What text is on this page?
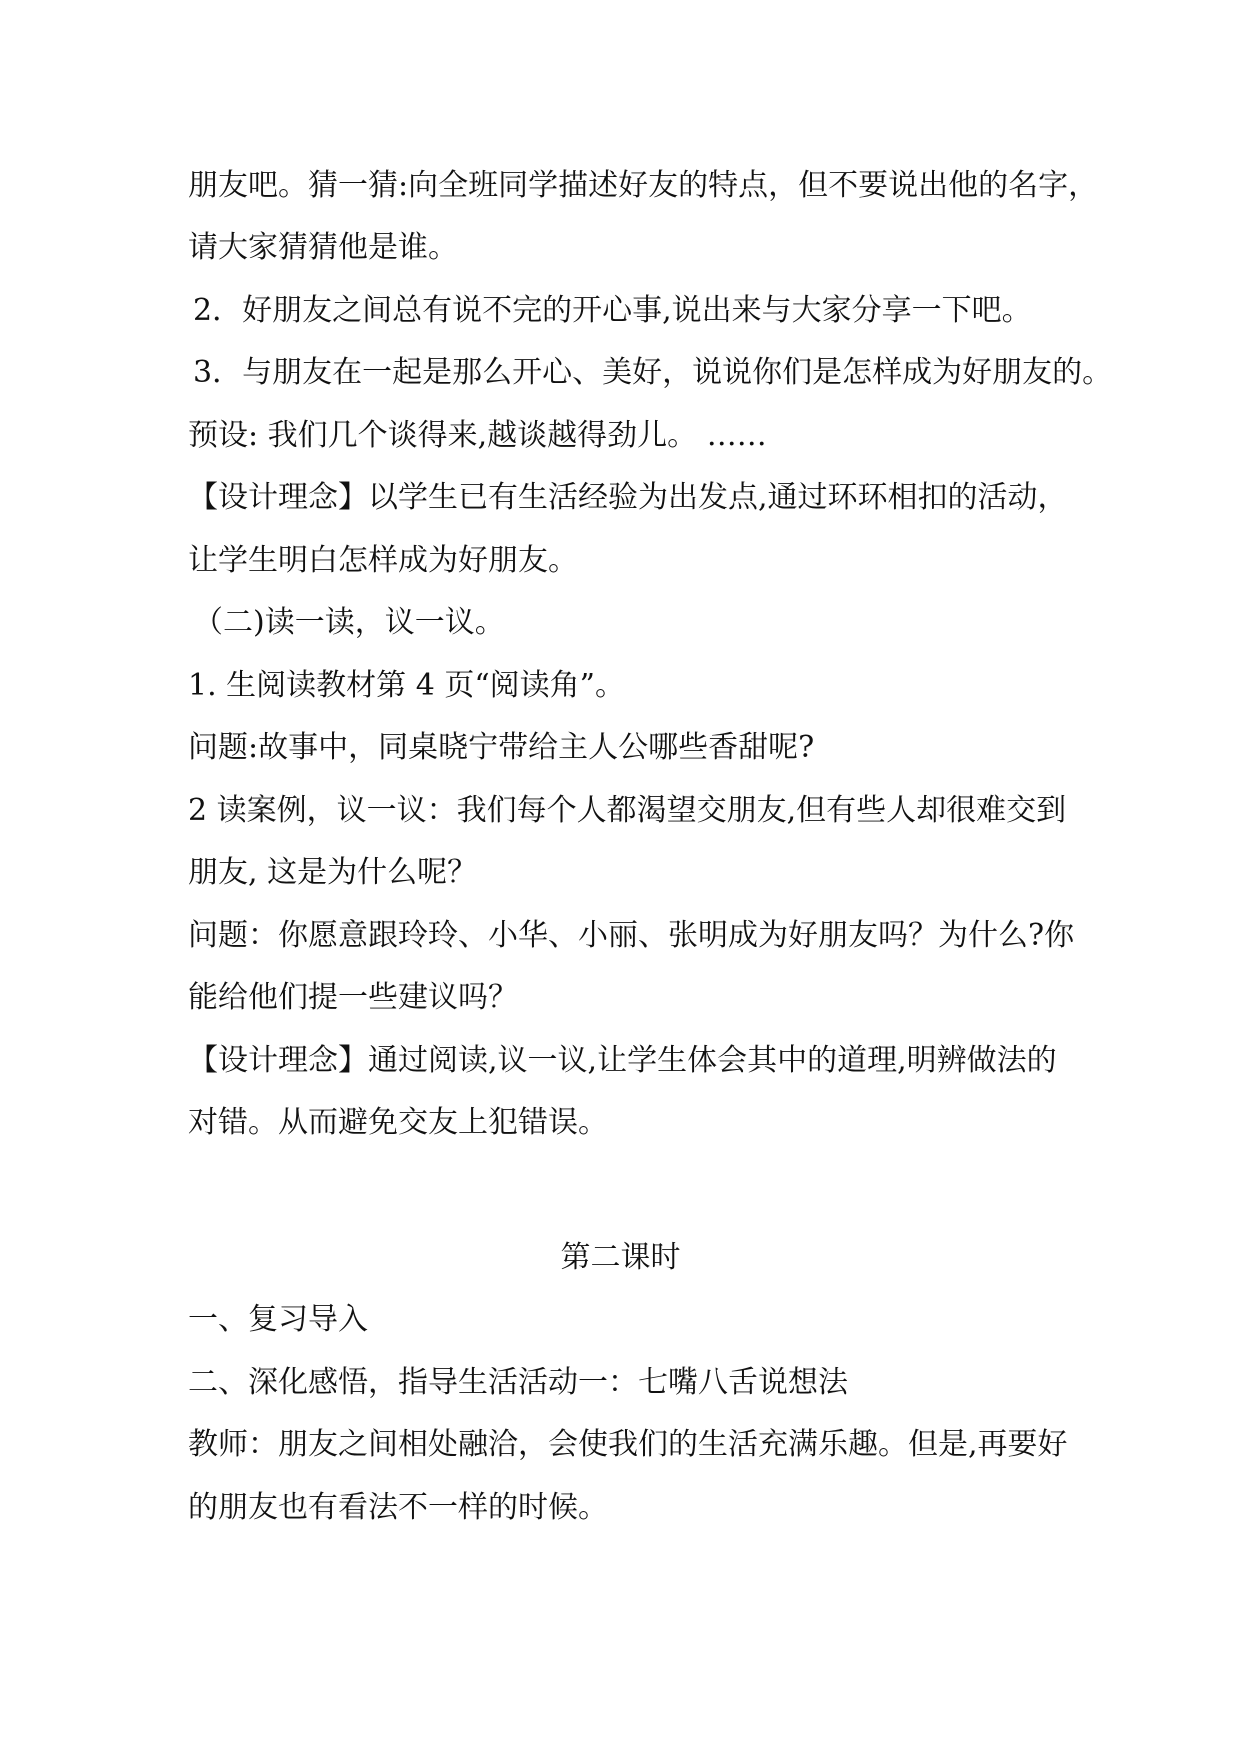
朋友吧。猜一猜:向全班同学描述好友的特点，但不要说出他的名字，
请大家猜猜他是谁。
2．好朋友之间总有说不完的开心事,说出来与大家分享一下吧。
3．与朋友在一起是那么开心、美好，说说你们是怎样成为好朋友的。
预设: 我们几个谈得来,越谈越得劲儿。 ……
【设计理念】以学生已有生活经验为出发点,通过环环相扣的活动，
让学生明白怎样成为好朋友。
（二)读一读，议一议。
1. 生阅读教材第 4 页“阅读角”。
问题:故事中，同桌晓宁带给主人公哪些香甜呢?
2 读案例，议一议：我们每个人都渴望交朋友,但有些人却很难交到
朋友, 这是为什么呢？
问题：你愿意跟玲玲、小华、小丽、张明成为好朋友吗？为什么?你
能给他们提一些建议吗？
【设计理念】通过阅读,议一议,让学生体会其中的道理,明辨做法的
对错。从而避免交友上犯错误。
第二课时
一、复习导入
二、深化感悟，指导生活活动一：七嘴八舌说想法
教师：朋友之间相处融洽，会使我们的生活充满乐趣。但是,再要好
的朋友也有看法不一样的时候。
